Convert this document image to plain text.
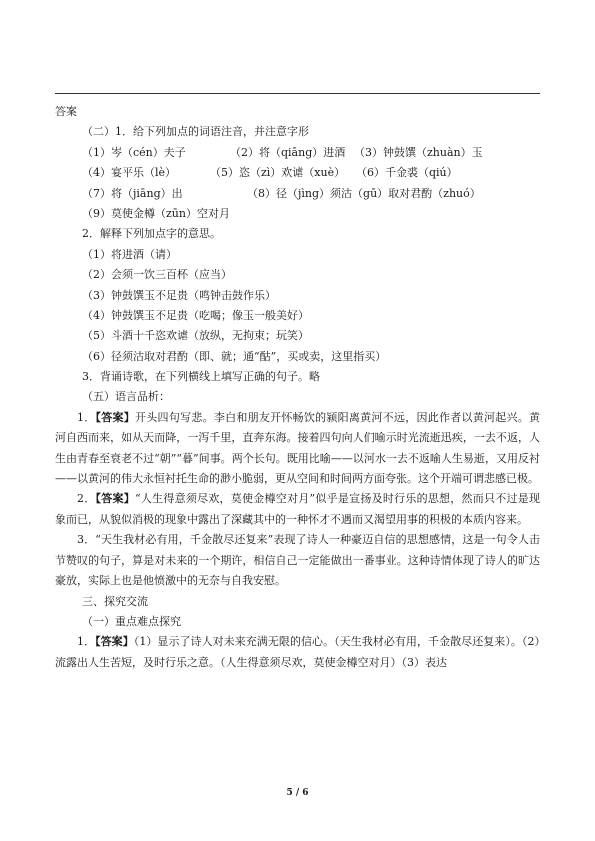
答案
（二）1．给下列加点的词语注音，并注意字形
（1）岑（cén）夫子	（2）将（qiāng）进酒 （3）钟鼓馔（zhuàn）玉
（4）宴平乐（lè）	（5）恣（zì）欢谑（xuè） （6）千金裘（qiú）
（7）将（jiāng）出	（8）径（jìng）须沽（gū）取对君酌（zhuó）
（9）莫使金樽（zūn）空对月
2．解释下列加点字的意思。
（1）将进酒（请）
（2）会须一饮三百杯（应当）
（3）钟鼓馔玉不足贵（鸣钟击鼓作乐）
（4）钟鼓馔玉不足贵（吃喝；像玉一般美好）
（5）斗酒十千恣欢谑（放纵，无拘束；玩笑）
（6）径须沽取对君酌（即、就；通“酤”，买或卖，这里指买）
3．背诵诗歌，在下列横线上填写正确的句子。略
（五）语言品析：

1．【答案】开头四句写悲。李白和朋友开怀畅饮的颍阳离黄河不远，因此作者以黄河起兴。黄河自西而来，如从天而降，一泻千里，直奔东海。接着四句向人们喻示时光流逝迅疾，一去不返，人生由青春至衰老不过“朝”“暮”间事。两个长句。既用比喻——以河水一去不返喻人生易逝，又用反衬——以黄河的伟大永恒衬托生命的渺小脆弱，更从空间和时间两方面夸张。这个开端可谓悲感已极。

2．【答案】“人生得意须尽欢，莫使金樽空对月”似乎是宣扬及时行乐的思想，然而只不过是现象而已，从貌似消极的现象中露出了深藏其中的一种怀才不遇而又渴望用事的积极的本质内容来。

3．“天生我材必有用，千金散尽还复来”表现了诗人一种豪迈自信的思想感情，这是一句令人击节赞叹的句子，算是对未来的一个期许，相信自己一定能做出一番事业。这种诗情体现了诗人的旷达豪放，实际上也是他愤激中的无奈与自我安慰。

三、探究交流
（一）重点难点探究

1．【答案】（1）显示了诗人对未来充满无限的信心。（天生我材必有用，千金散尽还复来）。（2）流露出人生苦短，及时行乐之意。（人生得意须尽欢，莫使金樽空对月）（3）表达

5 / 6
